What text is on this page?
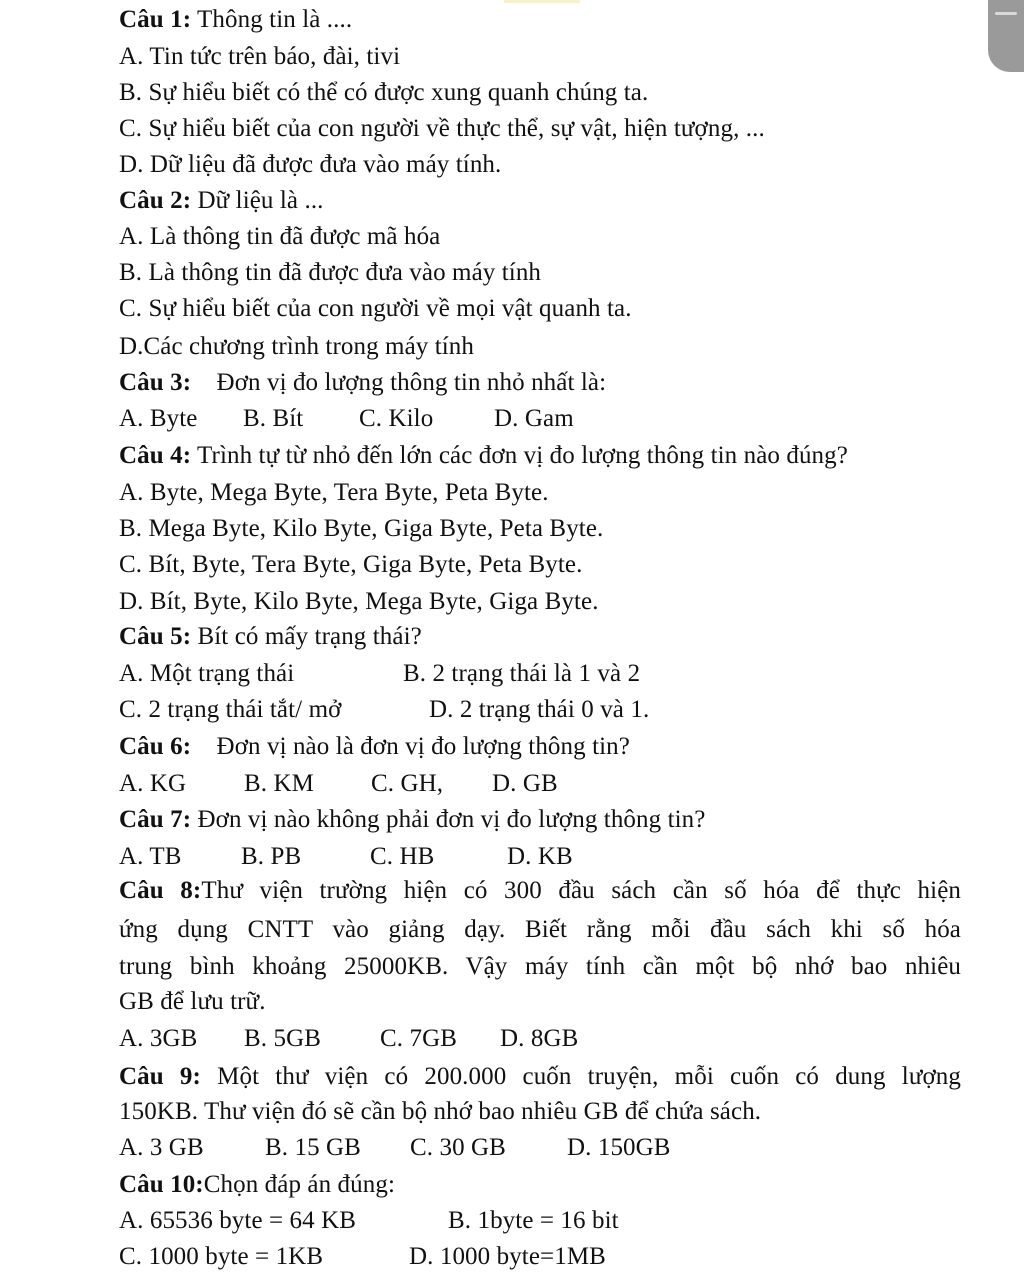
Câu 1: Thông tin là ....
A. Tin tức trên báo, đài, tivi
B. Sự hiểu biết có thể có được xung quanh chúng ta.
C. Sự hiểu biết của con người về thực thể, sự vật, hiện tượng, ...
D. Dữ liệu đã được đưa vào máy tính.
Câu 2: Dữ liệu là ...
A. Là thông tin đã được mã hóa
B. Là thông tin đã được đưa vào máy tính
C. Sự hiểu biết của con người về mọi vật quanh ta.
D.Các chương trình trong máy tính
Câu 3:    Đơn vị đo lượng thông tin nhỏ nhất là:
A. Byte B. Bít C. Kilo D. Gam
Câu 4: Trình tự từ nhỏ đến lớn các đơn vị đo lượng thông tin nào đúng?
A. Byte, Mega Byte, Tera Byte, Peta Byte.
B. Mega Byte, Kilo Byte, Giga Byte, Peta Byte.
C. Bít, Byte, Tera Byte, Giga Byte, Peta Byte.
D. Bít, Byte, Kilo Byte, Mega Byte, Giga Byte.
Câu 5: Bít có mấy trạng thái?
A. Một trạng thái	B. 2 trạng thái là 1 và 2
C. 2 trạng thái tắt/ mở	D. 2 trạng thái 0 và 1.
Câu 6:    Đơn vị nào là đơn vị đo lượng thông tin?
A. KG B. KM C. GH, D. GB
Câu 7: Đơn vị nào không phải đơn vị đo lượng thông tin?
A. TB B. PB	C. HB	D. KB
Câu 8:Thư viện trường hiện có 300 đầu sách cần số hóa để thực hiện
ứng dụng CNTT vào giảng dạy. Biết rằng mỗi đầu sách khi số hóa
trung bình khoảng 25000KB. Vậy máy tính cần một bộ nhớ bao nhiêu
GB để lưu trữ.
A. 3GB B. 5GB C. 7GB D. 8GB
Câu 9: Một thư viện có 200.000 cuốn truyện, mỗi cuốn có dung lượng
150KB. Thư viện đó sẽ cần bộ nhớ bao nhiêu GB để chứa sách.
A. 3 GB B. 15 GB C. 30 GB D. 150GB
Câu 10:Chọn đáp án đúng:
A. 65536 byte = 64 KB	B. 1byte = 16 bit
C. 1000 byte = 1KB	D. 1000 byte=1MB
